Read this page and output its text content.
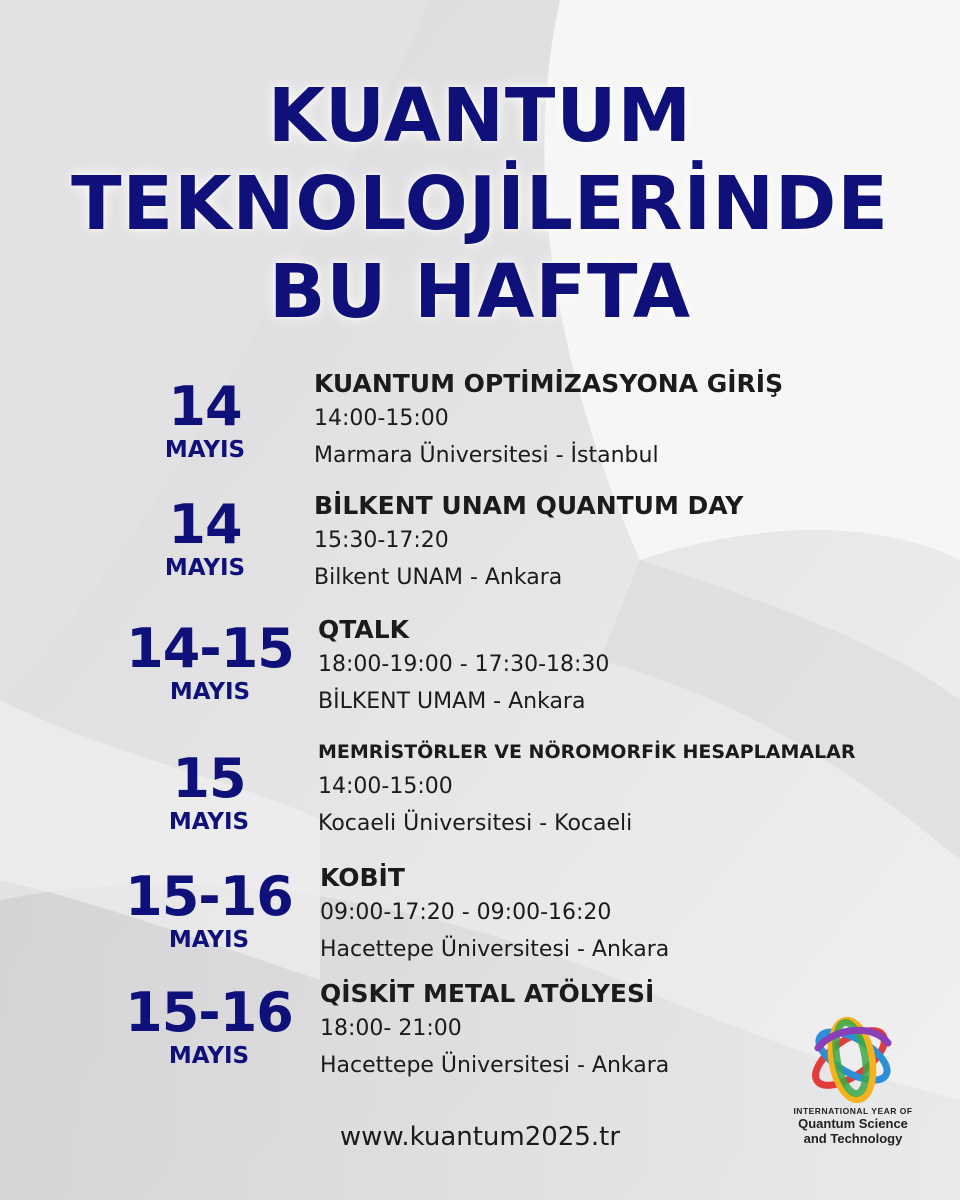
KUANTUM
TEKNOLOJİLERİNDE
BU HAFTA
14
MAYIS
KUANTUM OPTİMİZASYONA GİRİŞ
14:00-15:00
Marmara Üniversitesi - İstanbul
14
MAYIS
BİLKENT UNAM QUANTUM DAY
15:30-17:20
Bilkent UNAM - Ankara
14-15
MAYIS
QTALK
18:00-19:00 - 17:30-18:30
BİLKENT UMAM - Ankara
15
MAYIS
MEMRİSTÖRLER VE NÖROMORFİK HESAPLAMALAR
14:00-15:00
Kocaeli Üniversitesi - Kocaeli
15-16
MAYIS
KOBİT
09:00-17:20 - 09:00-16:20
Hacettepe Üniversitesi - Ankara
15-16
MAYIS
QİSKİT METAL ATÖLYESİ
18:00- 21:00
Hacettepe Üniversitesi - Ankara
www.kuantum2025.tr
INTERNATIONAL YEAR OF
Quantum Science
and Technology
